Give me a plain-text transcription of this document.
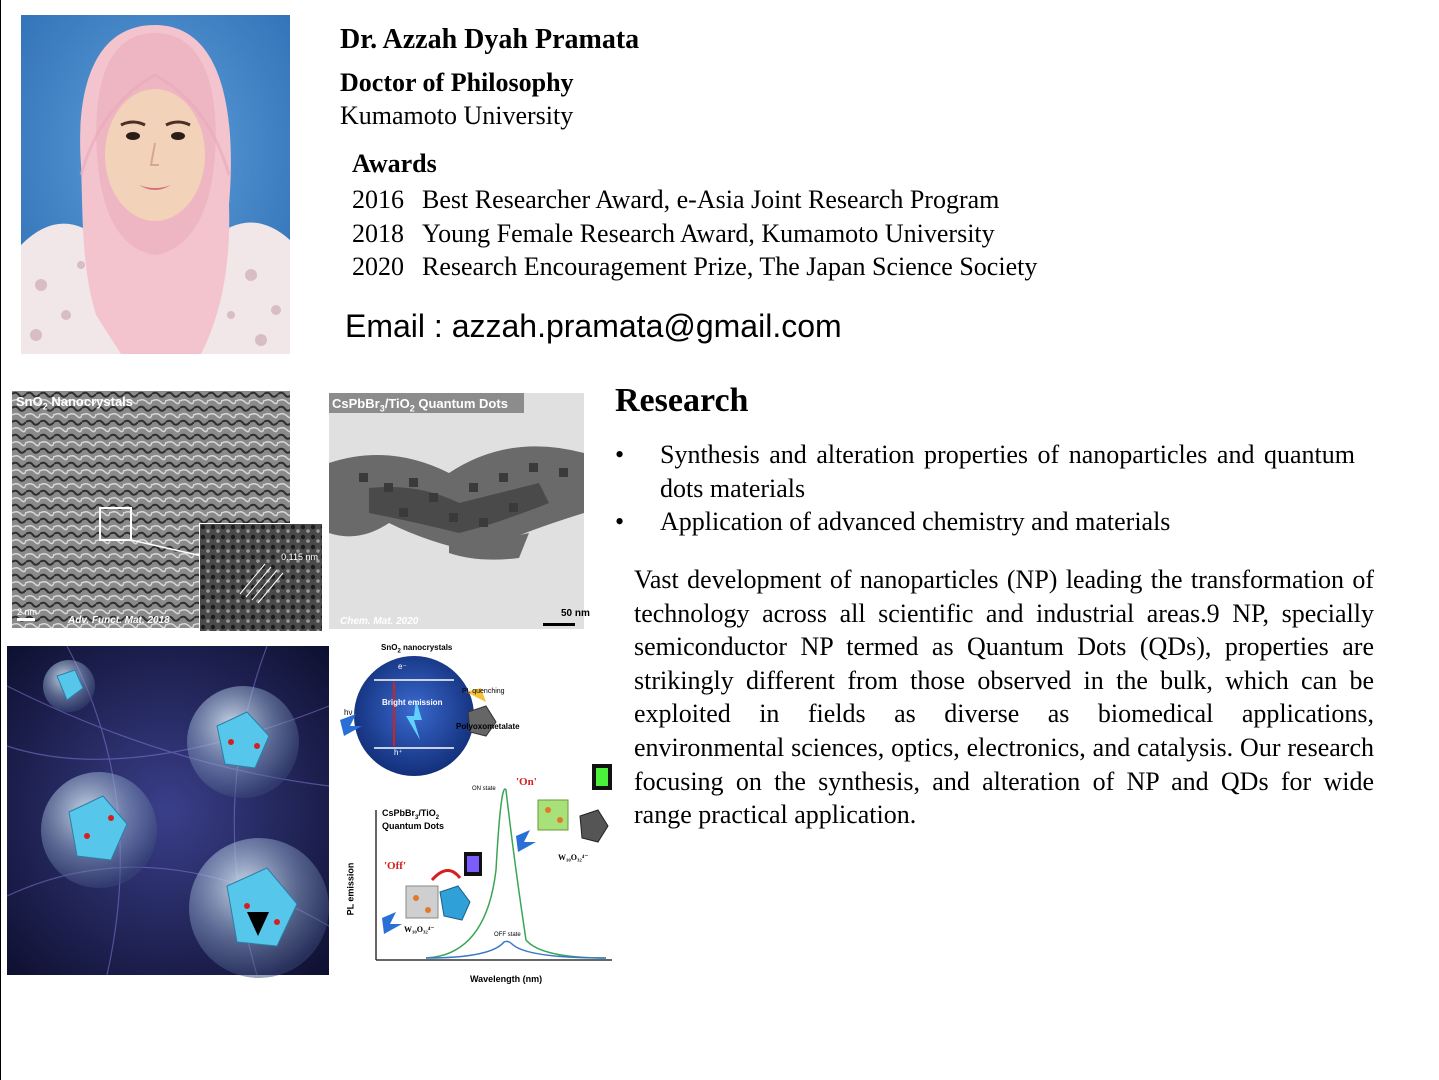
Dr. Azzah Dyah Pramata
Doctor of Philosophy
Kumamoto University
Awards
2016 Best Researcher Award, e-Asia Joint Research Program
2018 Young Female Research Award, Kumamoto University
2020 Research Encouragement Prize, The Japan Science Society
Email : azzah.pramata@gmail.com
Research
• Synthesis and alteration properties of nanoparticles and quantum dots materials
• Application of advanced chemistry and materials

Vast development of nanoparticles (NP) leading the transformation of technology across all scientific and industrial areas.9 NP, specially semiconductor NP termed as Quantum Dots (QDs), properties are strikingly different from those observed in the bulk, which can be exploited in fields as diverse as biomedical applications, environmental sciences, optics, electronics, and catalysis. Our research focusing on the synthesis, and alteration of NP and QDs for wide range practical application.

SnO$_2$ Nanocrystals
2 nm
Adv. Funct. Mat. 2018
0.115 nm
CsPbBr$_3$/TiO$_2$ Quantum Dots
50 nm
Chem. Mat. 2020
SnO$_2$ nanocrystals
Bright emission
PL quenching
Polyoxometalate
e⁻
h⁺
hν
ON state
OFF state
'On'
'Off'
CsPbBr$_3$/TiO$_2$
Quantum Dots
W₁₀O₃₂⁴⁻
W₁₀O₃₂⁴⁻
PL emission
Wavelength (nm)
